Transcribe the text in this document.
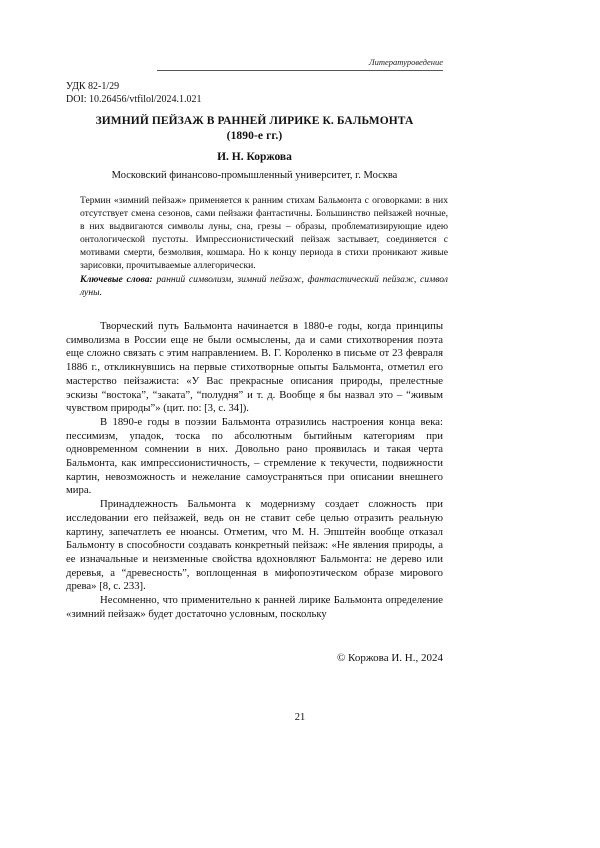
Литературоведение
УДК 82-1/29
DOI: 10.26456/vtfilol/2024.1.021
ЗИМНИЙ ПЕЙЗАЖ В РАННЕЙ ЛИРИКЕ К. БАЛЬМОНТА
(1890-е гг.)
И. Н. Коржова
Московский финансово-промышленный университет, г. Москва
Термин «зимний пейзаж» применяется к ранним стихам Бальмонта с оговорками: в них отсутствует смена сезонов, сами пейзажи фантастичны. Большинство пейзажей ночные, в них выдвигаются символы луны, сна, грезы – образы, проблематизирующие идею онтологической пустоты. Импрессионистический пейзаж застывает, соединяется с мотивами смерти, безмолвия, кошмара. Но к концу периода в стихи проникают живые зарисовки, прочитываемые аллегорически.
Ключевые слова: ранний символизм, зимний пейзаж, фантастический пейзаж, символ луны.

Творческий путь Бальмонта начинается в 1880-е годы, когда принципы символизма в России еще не были осмыслены, да и сами стихотворения поэта еще сложно связать с этим направлением. В. Г. Короленко в письме от 23 февраля 1886 г., откликнувшись на первые стихотворные опыты Бальмонта, отметил его мастерство пейзажиста: «У Вас прекрасные описания природы, прелестные эскизы “востока”, “заката”, “полудня” и т. д. Вообще я бы назвал это – “живым чувством природы”» (цит. по: [3, с. 34]).

В 1890-е годы в поэзии Бальмонта отразились настроения конца века: пессимизм, упадок, тоска по абсолютным бытийным категориям при одновременном сомнении в них. Довольно рано проявилась и такая черта Бальмонта, как импрессионистичность, – стремление к текучести, подвижности картин, невозможность и нежелание самоустраняться при описании внешнего мира.

Принадлежность Бальмонта к модернизму создает сложность при исследовании его пейзажей, ведь он не ставит себе целью отразить реальную картину, запечатлеть ее нюансы. Отметим, что М. Н. Эпштейн вообще отказал Бальмонту в способности создавать конкретный пейзаж: «Не явления природы, а ее изначальные и неизменные свойства вдохновляют Бальмонта: не дерево или деревья, а “древесность”, воплощенная в мифопоэтическом образе мирового древа» [8, с. 233].

Несомненно, что применительно к ранней лирике Бальмонта определение «зимний пейзаж» будет достаточно условным, поскольку

© Коржова И. Н., 2024
21
